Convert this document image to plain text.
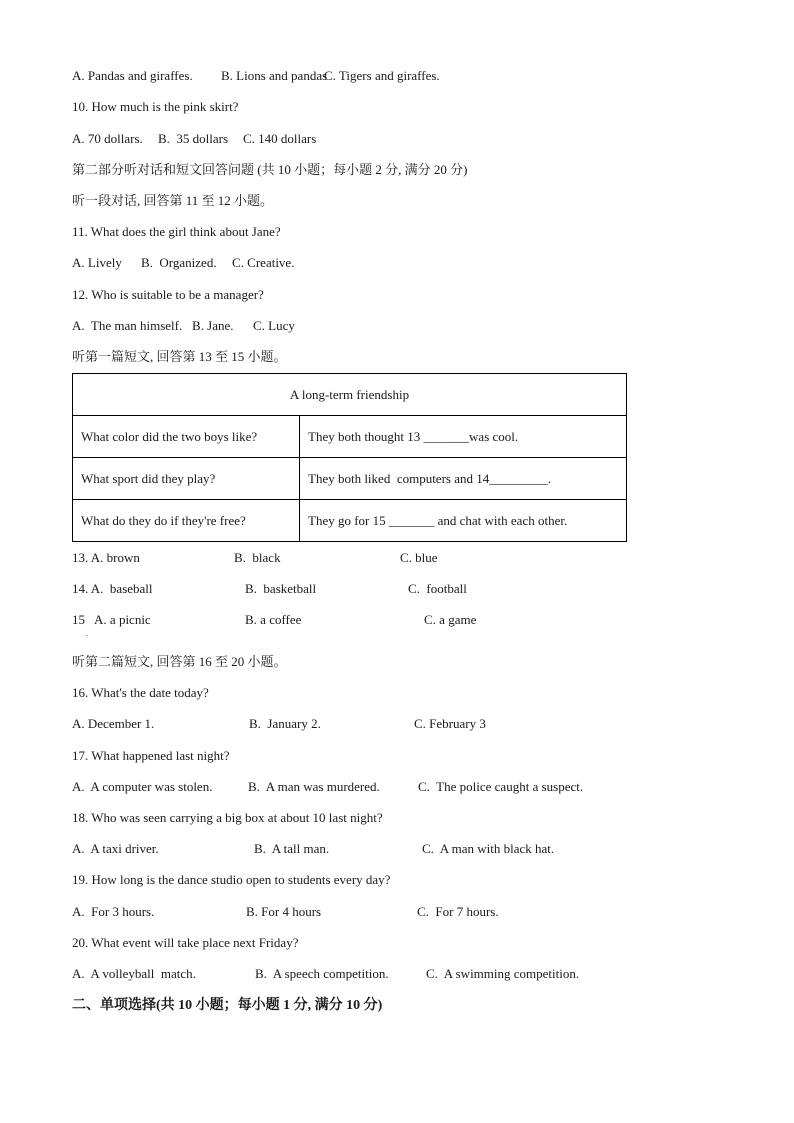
A. Pandas and giraffes. B. Lions and pandas
C. Tigers and giraffes.
10. How much is the pink skirt?
A. 70 dollars. B.  35 dollars C. 140 dollars
第二部分听对话和短文回答问题 (共 10 小题；每小题 2 分, 满分 20 分)
听一段对话, 回答第 11 至 12 小题。
11. What does the girl think about Jane?
A. Lively B.  Organized. C. Creative.
12. Who is suitable to be a manager?
A.  The man himself. B. Jane. C. Lucy
听第一篇短文, 回答第 13 至 15 小题。
A long-term friendship	
What color did the two boys like?	They both thought 13 _______was cool.
What sport did they play?	They both liked  computers and 14_________.
What do they do if they're free?	They go for 15 _______ and chat with each other.
13. A. brown	B.  black	C. blue
14. A.  baseball	B.  basketball	C.  football
15   A. a picnic	B. a coffee	C. a game
.
听第二篇短文, 回答第 16 至 20 小题。
16. What's the date today?
A. December 1.	B.  January 2.	C. February 3
17. What happened last night?
A.  A computer was stolen.	B.  A man was murdered.	C.  The police caught a suspect.
18. Who was seen carrying a big box at about 10 last night?
A.  A taxi driver.	B.  A tall man.	C.  A man with black hat.
19. How long is the dance studio open to students every day?
A.  For 3 hours.	B. For 4 hours	C.  For 7 hours.
20. What event will take place next Friday?
A.  A volleyball  match.	B.  A speech competition.	C.  A swimming competition.
二、单项选择(共 10 小题；每小题 1 分, 满分 10 分)
